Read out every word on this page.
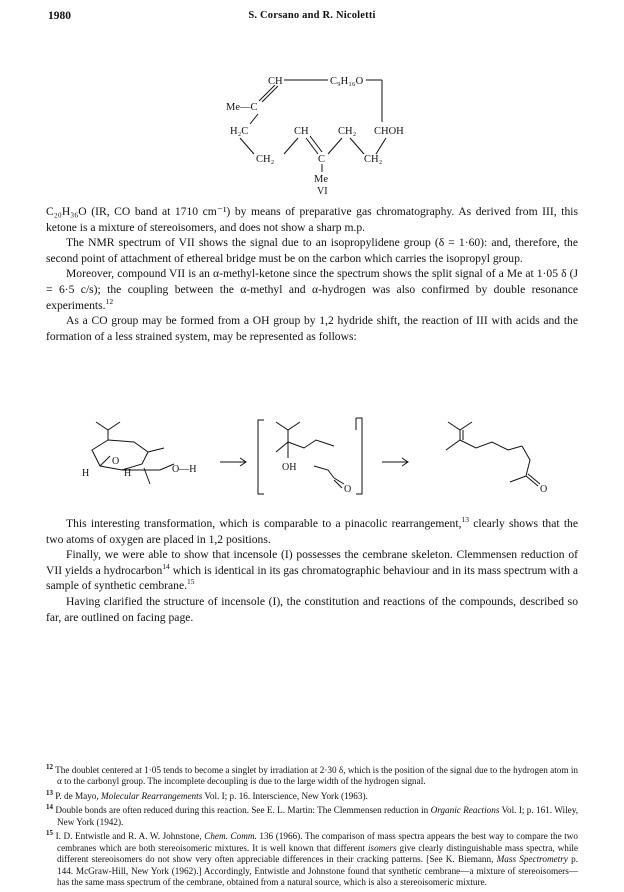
1980	S. Corsano and R. Nicoletti
CH	C₉H₁₆O
Me—C
H₂C	CH	CH₂ CHOH
CH₂	C	CH₂
Me
VI

C₂₀H₃₆O (IR, CO band at 1710 cm⁻¹) by means of preparative gas chromatography. As derived from III, this ketone is a mixture of stereoisomers, and does not show a sharp m.p.

The NMR spectrum of VII shows the signal due to an isopropylidene group (δ = 1·60): and, therefore, the second point of attachment of ethereal bridge must be on the carbon which carries the isopropyl group.

Moreover, compound VII is an α-methyl-ketone since the spectrum shows the split signal of a Me at 1·05 δ (J = 6·5 c/s); the coupling between the α-methyl and α-hydrogen was also confirmed by double resonance experiments.$^{12}$

As a CO group may be formed from a OH group by 1,2 hydride shift, the reaction of III with acids and the formation of a less strained system, may be represented as follows:

H
O
H	O—H	OH
O	O

This interesting transformation, which is comparable to a pinacolic rearrangement,$^{13}$ clearly shows that the two atoms of oxygen are placed in 1,2 positions.

Finally, we were able to show that incensole (I) possesses the cembrane skeleton. Clemmensen reduction of VII yields a hydrocarbon$^{14}$ which is identical in its gas chromatographic behaviour and in its mass spectrum with a sample of synthetic cembrane.$^{15}$

Having clarified the structure of incensole (I), the constitution and reactions of the compounds, described so far, are outlined on facing page.

$^{12}$ The doublet centered at 1·05 tends to become a singlet by irradiation at 2·30 δ, which is the position of the signal due to the hydrogen atom in α to the carbonyl group. The incomplete decoupling is due to the large width of the hydrogen signal.

$^{13}$ P. de Mayo, Molecular Rearrangements Vol. I; p. 16. Interscience, New York (1963).

$^{14}$ Double bonds are often reduced during this reaction. See E. L. Martin: The Clemmensen reduction in Organic Reactions Vol. I; p. 161. Wiley, New York (1942).

$^{15}$ I. D. Entwistle and R. A. W. Johnstone, Chem. Comm. 136 (1966). The comparison of mass spectra appears the best way to compare the two cembranes which are both stereoisomeric mixtures. It is well known that different isomers give clearly distinguishable mass spectra, while different stereoisomers do not show very often appreciable differences in their cracking patterns. [See K. Biemann, Mass Spectrometry p. 144. McGraw-Hill, New York (1962).] Accordingly, Entwistle and Johnstone found that synthetic cembrane—a mixture of stereoisomers—has the same mass spectrum of the cembrane, obtained from a natural source, which is also a stereoisomeric mixture.
